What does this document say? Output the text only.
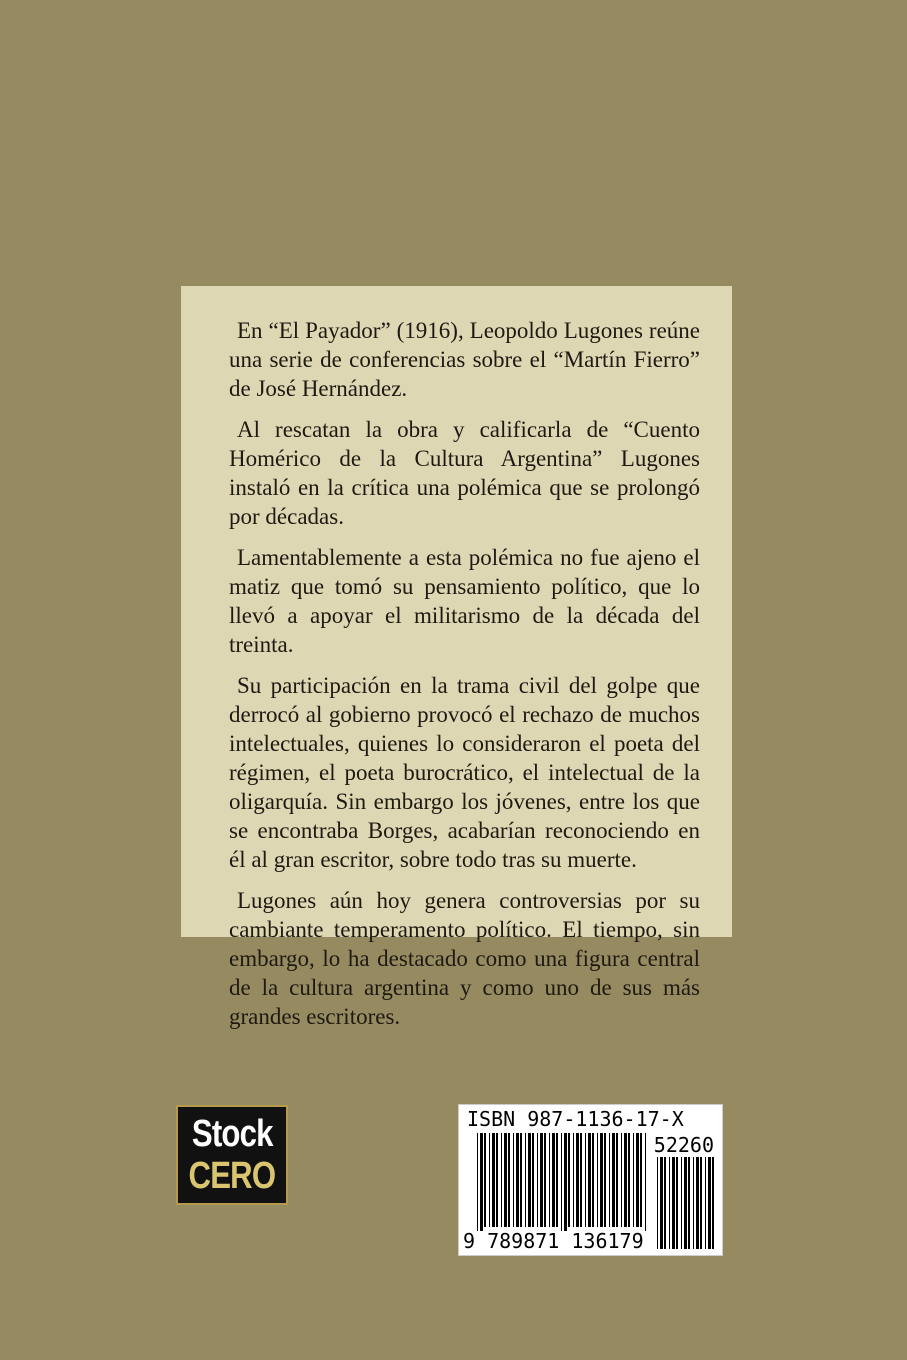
En “El Payador” (1916), Leopoldo Lugones reúne una serie de conferencias sobre el “Martín Fierro” de José Hernández.

Al rescatan la obra y calificarla de “Cuento Homérico de la Cultura Argentina” Lugones instaló en la crítica una polémica que se prolongó por décadas.

Lamentablemente a esta polémica no fue ajeno el matiz que tomó su pensamiento político, que lo llevó a apoyar el militarismo de la década del treinta.

Su participación en la trama civil del golpe que derrocó al gobierno provocó el rechazo de muchos intelectuales, quienes lo consideraron el poeta del régimen, el poeta burocrático, el intelectual de la oligarquía. Sin embargo los jóvenes, entre los que se encontraba Borges, acabarían reconociendo en él al gran escritor, sobre todo tras su muerte.

Lugones aún hoy genera controversias por su cambiante temperamento político. El tiempo, sin embargo, lo ha destacado como una figura central de la cultura argentina y como uno de sus más grandes escritores.

Stock
CERO
ISBN 987-1136-17-X
52260
9 789871 136179
